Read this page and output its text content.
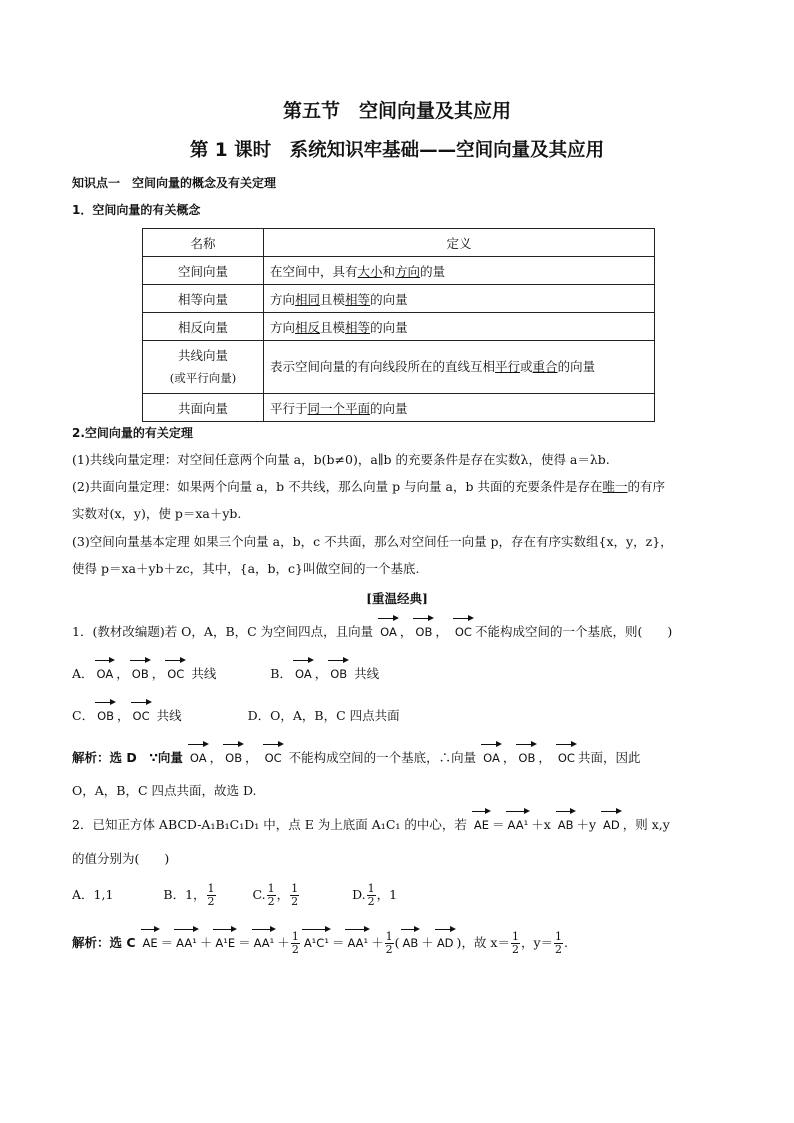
第五节　空间向量及其应用
第 1 课时　系统知识牢基础——空间向量及其应用
知识点一　空间向量的概念及有关定理
1．空间向量的有关概念
名称	定义
空间向量	在空间中，具有大小和方向的量
相等向量	方向相同且模相等的向量
相反向量	方向相反且模相等的向量
共线向量
(或平行向量)	表示空间向量的有向线段所在的直线互相平行或重合的向量
共面向量	平行于同一个平面的向量
2.空间向量的有关定理
(1)共线向量定理：对空间任意两个向量 a，b(b≠0)，a∥b 的充要条件是存在实数λ，使得 a＝λb.
(2)共面向量定理：如果两个向量 a，b 不共线，那么向量 p 与向量 a，b 共面的充要条件是存在唯一的有序
实数对(x，y)，使 p＝xa＋yb.
(3)空间向量基本定理 如果三个向量 a，b，c 不共面，那么对空间任一向量 p，存在有序实数组{x，y，z}，
使得 p＝xa＋yb＋zc，其中，{a，b，c}叫做空间的一个基底.
[重温经典]
1．(教材改编题)若 O，A，B，C 为空间四点，且向量 OA ， OB ， OC 不能构成空间的一个基底，则(　　)
A． OA ， OB ， OC 共线	B． OA ， OB 共线
C． OB ， OC 共线	D．O，A，B，C 四点共面
解析：选 D　∵向量 OA ， OB ， OC 不能构成空间的一个基底，∴向量 OA ， OB ， OC 共面，因此
O，A，B，C 四点共面，故选 D.
2．已知正方体 ABCD-A₁B₁C₁D₁ 中，点 E 为上底面 A₁C₁ 的中心，若 AE ＝ AA¹ ＋x AB ＋y AD ，则 x,y
的值分别为(　　)
A．1,1	B．1， $\frac{1}{2}$	C. $\frac{1}{2}$ ， $\frac{1}{2}$	D. $\frac{1}{2}$ ，1
解析：选 C AE ＝ $AA^1 + A^1E = AA^1 + \frac{1}{2} A^1C^1 = AA^1 + \frac{1}{2}$ ( AB ＋ AD )，故 $x= \frac{1}{2}$ ，$y= \frac{1}{2}$ .
